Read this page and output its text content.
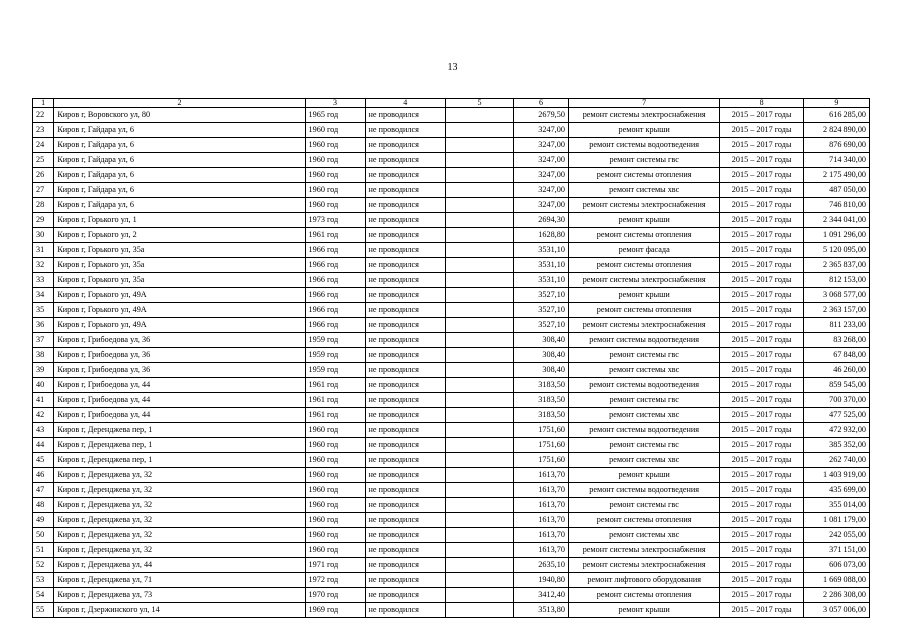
13
1	2	3	4	5	6	7	8	9
22	Киров г, Воровского ул, 80	1965 год	не проводился		2679,50	ремонт системы электроснабжения	2015 – 2017 годы	616 285,00
23	Киров г, Гайдара ул, 6	1960 год	не проводился		3247,00	ремонт крыши	2015 – 2017 годы	2 824 890,00
24	Киров г, Гайдара ул, 6	1960 год	не проводился		3247,00	ремонт системы водоотведения	2015 – 2017 годы	876 690,00
25	Киров г, Гайдара ул, 6	1960 год	не проводился		3247,00	ремонт системы гвс	2015 – 2017 годы	714 340,00
26	Киров г, Гайдара ул, 6	1960 год	не проводился		3247,00	ремонт системы отопления	2015 – 2017 годы	2 175 490,00
27	Киров г, Гайдара ул, 6	1960 год	не проводился		3247,00	ремонт системы хвс	2015 – 2017 годы	487 050,00
28	Киров г, Гайдара ул, 6	1960 год	не проводился		3247,00	ремонт системы электроснабжения	2015 – 2017 годы	746 810,00
29	Киров г, Горького ул, 1	1973 год	не проводился		2694,30	ремонт крыши	2015 – 2017 годы	2 344 041,00
30	Киров г, Горького ул, 2	1961 год	не проводился		1628,80	ремонт системы отопления	2015 – 2017 годы	1 091 296,00
31	Киров г, Горького ул, 35а	1966 год	не проводился		3531,10	ремонт фасада	2015 – 2017 годы	5 120 095,00
32	Киров г, Горького ул, 35а	1966 год	не проводился		3531,10	ремонт системы отопления	2015 – 2017 годы	2 365 837,00
33	Киров г, Горького ул, 35а	1966 год	не проводился		3531,10	ремонт системы электроснабжения	2015 – 2017 годы	812 153,00
34	Киров г, Горького ул, 49А	1966 год	не проводился		3527,10	ремонт крыши	2015 – 2017 годы	3 068 577,00
35	Киров г, Горького ул, 49А	1966 год	не проводился		3527,10	ремонт системы отопления	2015 – 2017 годы	2 363 157,00
36	Киров г, Горького ул, 49А	1966 год	не проводился		3527,10	ремонт системы электроснабжения	2015 – 2017 годы	811 233,00
37	Киров г, Грибоедова ул, 36	1959 год	не проводился		308,40	ремонт системы водоотведения	2015 – 2017 годы	83 268,00
38	Киров г, Грибоедова ул, 36	1959 год	не проводился		308,40	ремонт системы гвс	2015 – 2017 годы	67 848,00
39	Киров г, Грибоедова ул, 36	1959 год	не проводился		308,40	ремонт системы хвс	2015 – 2017 годы	46 260,00
40	Киров г, Грибоедова ул, 44	1961 год	не проводился		3183,50	ремонт системы водоотведения	2015 – 2017 годы	859 545,00
41	Киров г, Грибоедова ул, 44	1961 год	не проводился		3183,50	ремонт системы гвс	2015 – 2017 годы	700 370,00
42	Киров г, Грибоедова ул, 44	1961 год	не проводился		3183,50	ремонт системы хвс	2015 – 2017 годы	477 525,00
43	Киров г, Деренджева пер, 1	1960 год	не проводился		1751,60	ремонт системы водоотведения	2015 – 2017 годы	472 932,00
44	Киров г, Деренджева пер, 1	1960 год	не проводился		1751,60	ремонт системы гвс	2015 – 2017 годы	385 352,00
45	Киров г, Деренджева пер, 1	1960 год	не проводился		1751,60	ремонт системы хвс	2015 – 2017 годы	262 740,00
46	Киров г, Деренджева ул, 32	1960 год	не проводился		1613,70	ремонт крыши	2015 – 2017 годы	1 403 919,00
47	Киров г, Деренджева ул, 32	1960 год	не проводился		1613,70	ремонт системы водоотведения	2015 – 2017 годы	435 699,00
48	Киров г, Деренджева ул, 32	1960 год	не проводился		1613,70	ремонт системы гвс	2015 – 2017 годы	355 014,00
49	Киров г, Деренджева ул, 32	1960 год	не проводился		1613,70	ремонт системы отопления	2015 – 2017 годы	1 081 179,00
50	Киров г, Деренджева ул, 32	1960 год	не проводился		1613,70	ремонт системы хвс	2015 – 2017 годы	242 055,00
51	Киров г, Деренджева ул, 32	1960 год	не проводился		1613,70	ремонт системы электроснабжения	2015 – 2017 годы	371 151,00
52	Киров г, Деренджева ул, 44	1971 год	не проводился		2635,10	ремонт системы электроснабжения	2015 – 2017 годы	606 073,00
53	Киров г, Деренджева ул, 71	1972 год	не проводился		1940,80	ремонт лифтового оборудования	2015 – 2017 годы	1 669 088,00
54	Киров г, Деренджева ул, 73	1970 год	не проводился		3412,40	ремонт системы отопления	2015 – 2017 годы	2 286 308,00
55	Киров г, Дзержинского ул, 14	1969 год	не проводился		3513,80	ремонт крыши	2015 – 2017 годы	3 057 006,00
